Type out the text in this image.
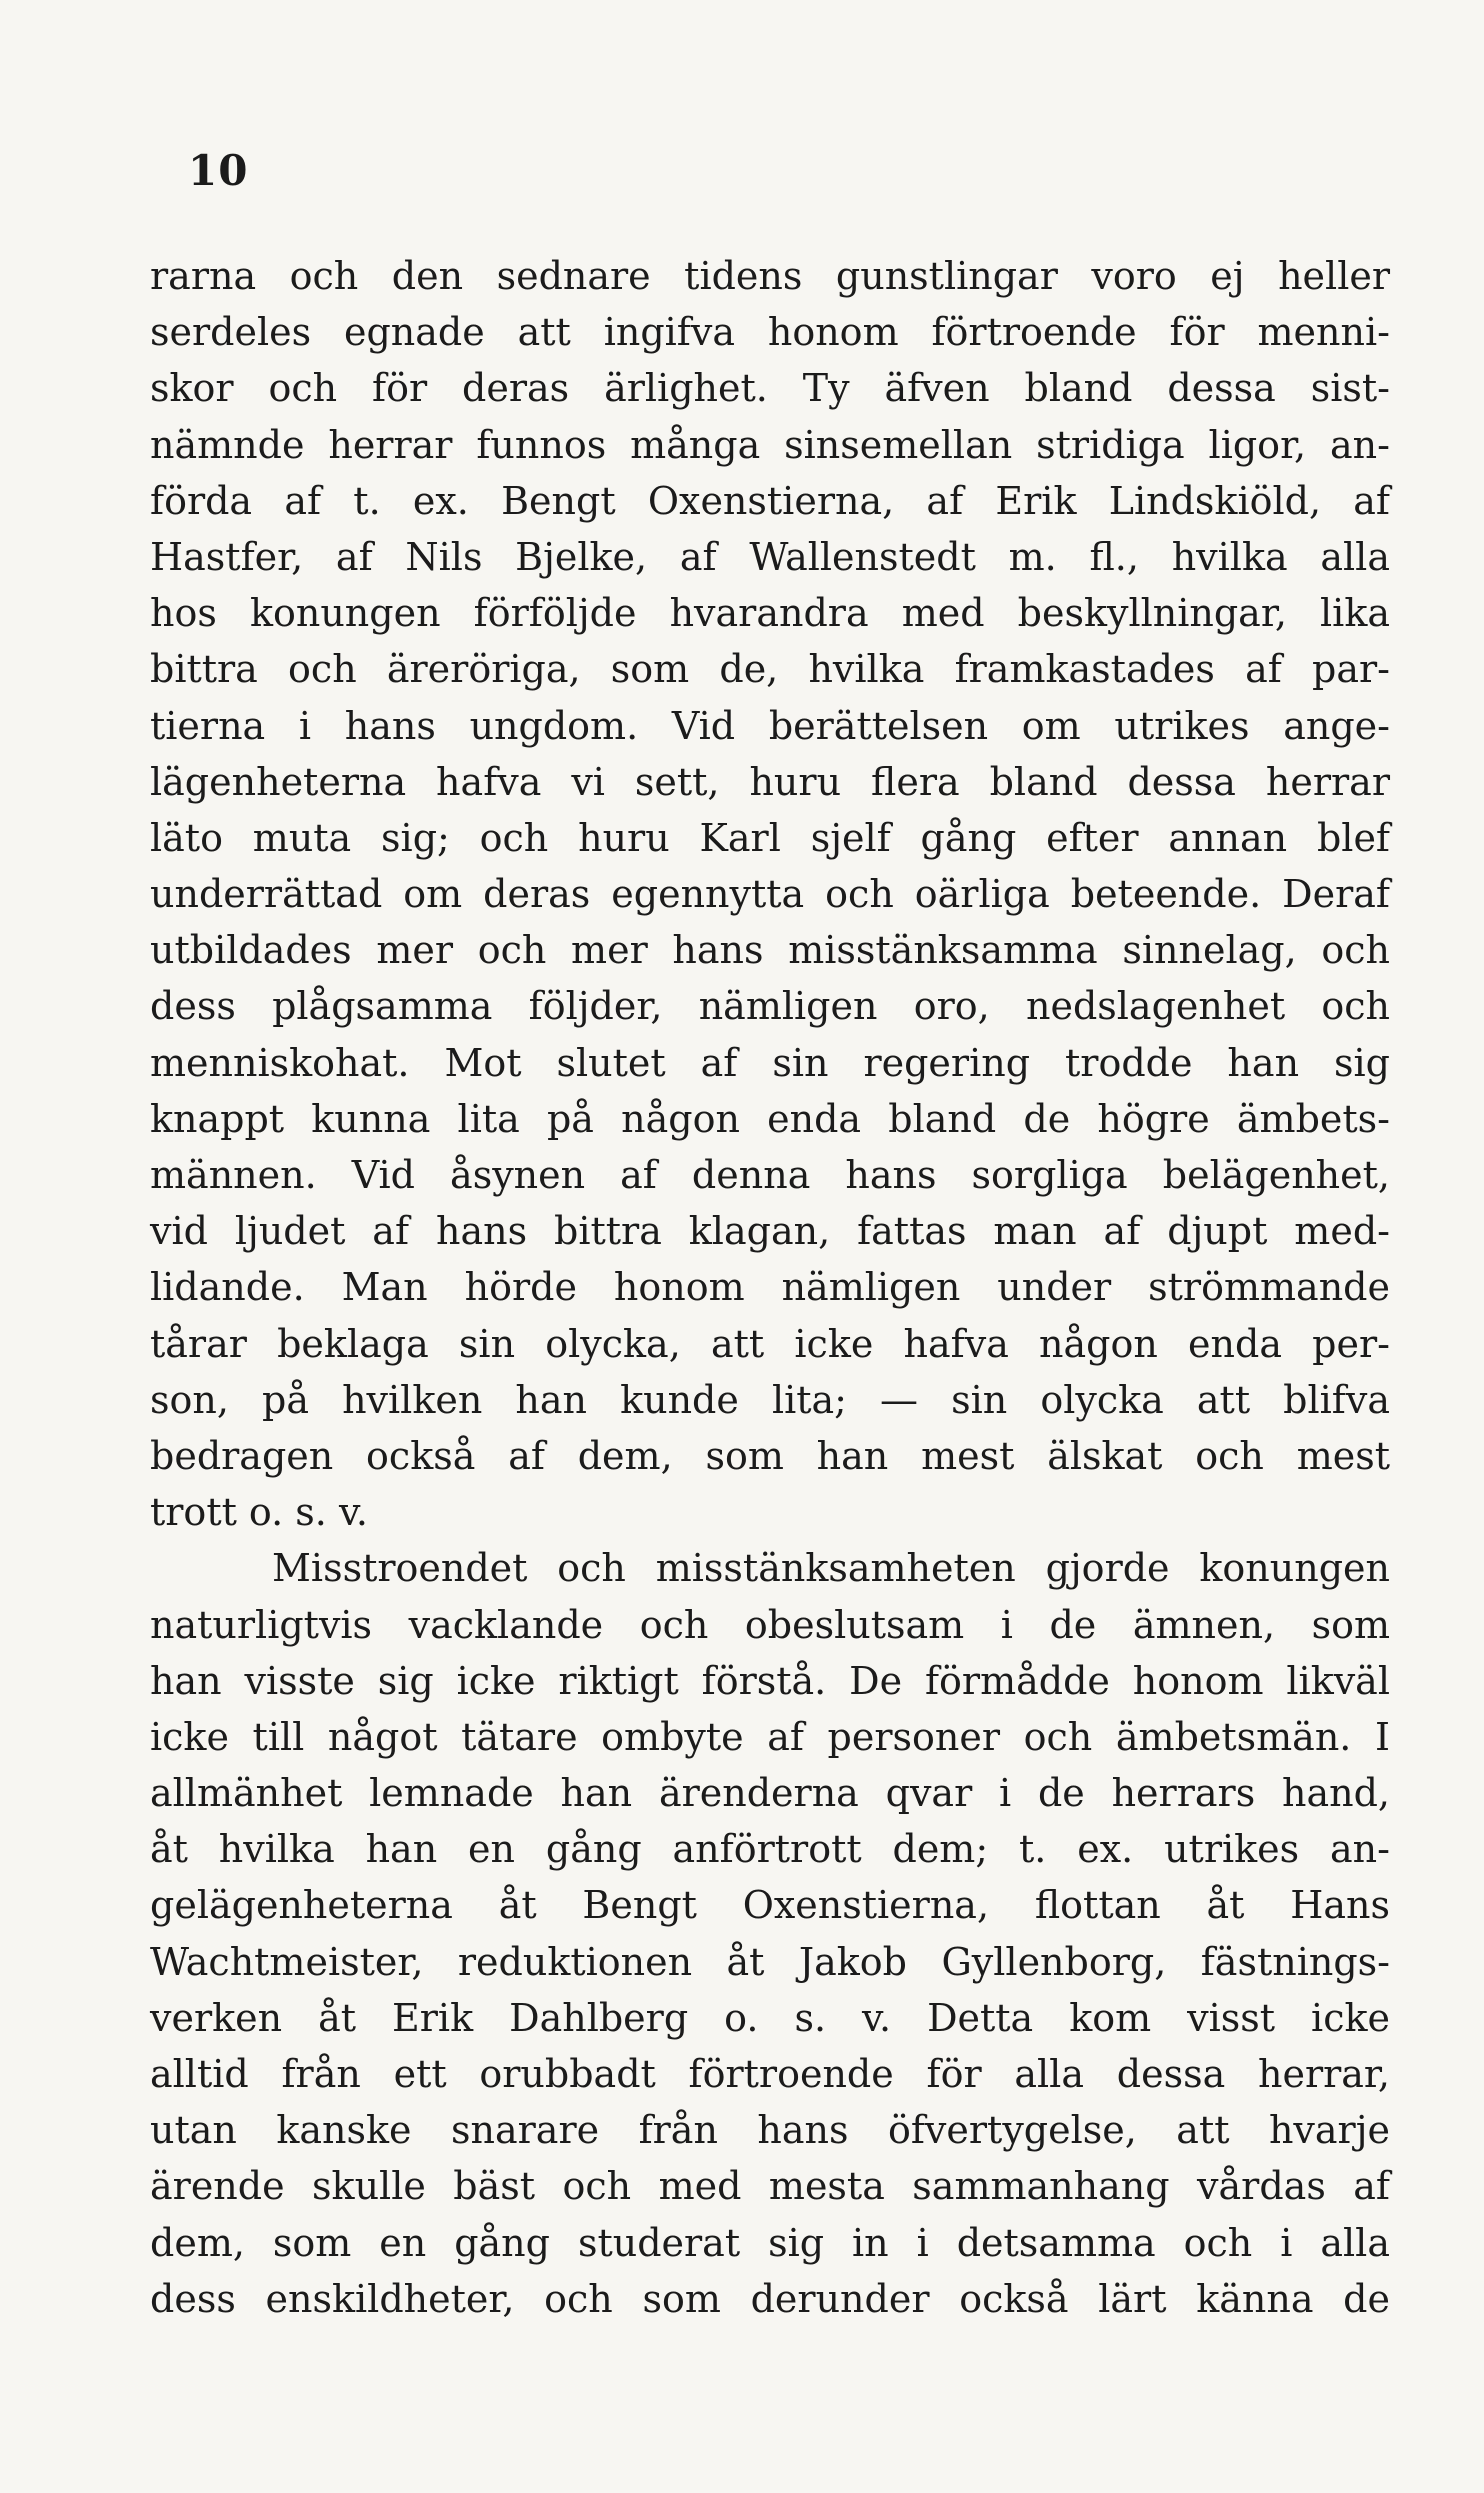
10
rarna och den sednare tidens gunstlingar voro ej heller
serdeles egnade att ingifva honom förtroende för menni-
skor och för deras ärlighet. Ty äfven bland dessa sist-
nämnde herrar funnos många sinsemellan stridiga ligor, an-
förda af t. ex. Bengt Oxenstierna, af Erik Lindskiöld, af
Hastfer, af Nils Bjelke, af Wallenstedt m. fl., hvilka alla
hos konungen förföljde hvarandra med beskyllningar, lika
bittra och äreröriga, som de, hvilka framkastades af par-
tierna i hans ungdom. Vid berättelsen om utrikes ange-
lägenheterna hafva vi sett, huru flera bland dessa herrar
läto muta sig; och huru Karl sjelf gång efter annan blef
underrättad om deras egennytta och oärliga beteende. Deraf
utbildades mer och mer hans misstänksamma sinnelag, och
dess plågsamma följder, nämligen oro, nedslagenhet och
menniskohat. Mot slutet af sin regering trodde han sig
knappt kunna lita på någon enda bland de högre ämbets-
männen. Vid åsynen af denna hans sorgliga belägenhet,
vid ljudet af hans bittra klagan, fattas man af djupt med-
lidande. Man hörde honom nämligen under strömmande
tårar beklaga sin olycka, att icke hafva någon enda per-
son, på hvilken han kunde lita; — sin olycka att blifva
bedragen också af dem, som han mest älskat och mest
trott o. s. v.
Misstroendet och misstänksamheten gjorde konungen
naturligtvis vacklande och obeslutsam i de ämnen, som
han visste sig icke riktigt förstå. De förmådde honom likväl
icke till något tätare ombyte af personer och ämbetsmän. I
allmänhet lemnade han ärenderna qvar i de herrars hand,
åt hvilka han en gång anförtrott dem; t. ex. utrikes an-
gelägenheterna åt Bengt Oxenstierna, flottan åt Hans
Wachtmeister, reduktionen åt Jakob Gyllenborg, fästnings-
verken åt Erik Dahlberg o. s. v. Detta kom visst icke
alltid från ett orubbadt förtroende för alla dessa herrar,
utan kanske snarare från hans öfvertygelse, att hvarje
ärende skulle bäst och med mesta sammanhang vårdas af
dem, som en gång studerat sig in i detsamma och i alla
dess enskildheter, och som derunder också lärt känna de
